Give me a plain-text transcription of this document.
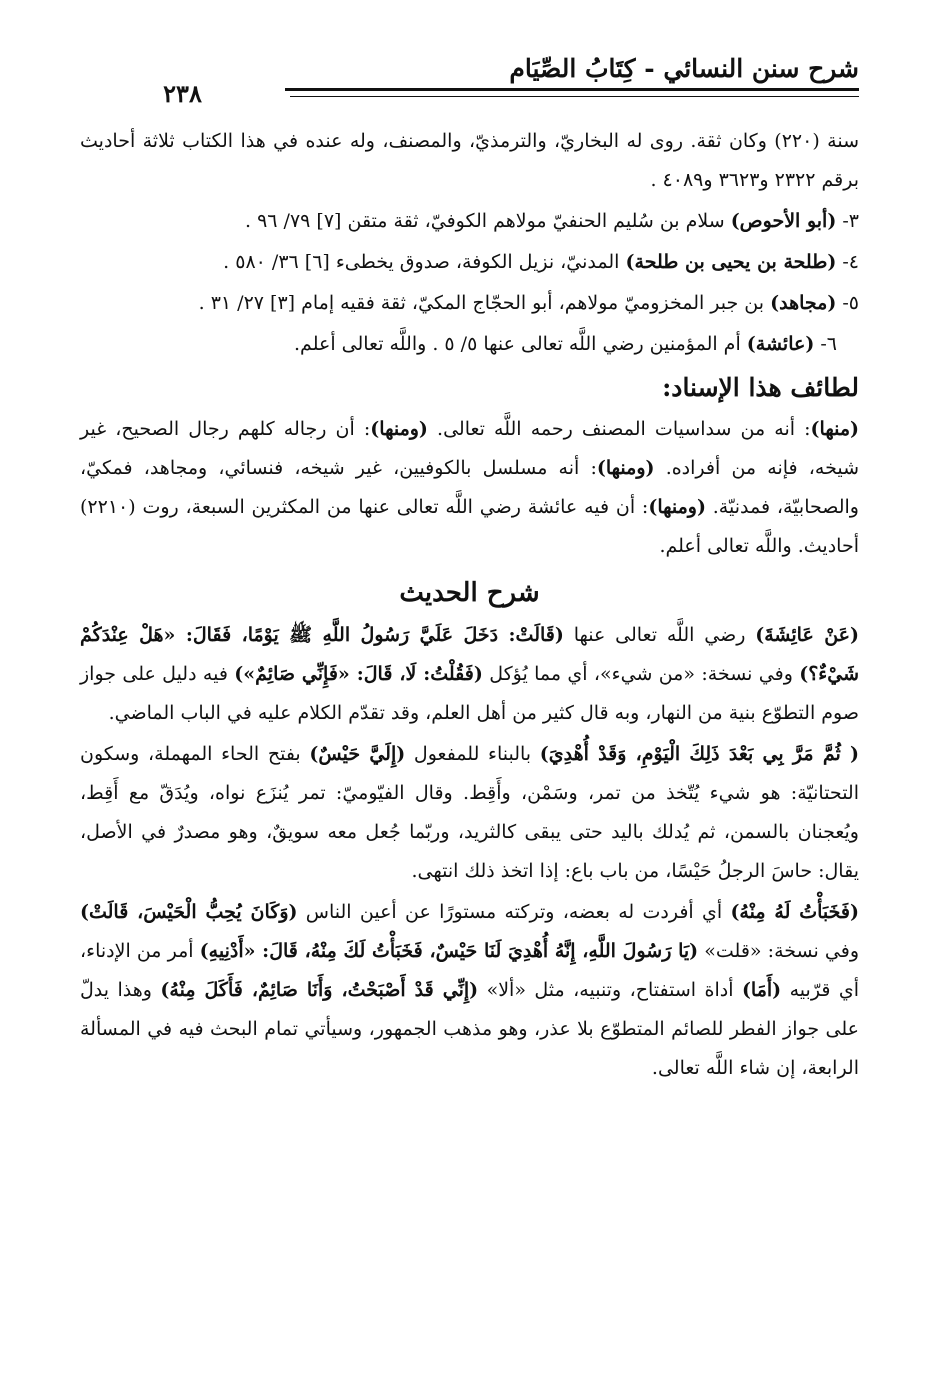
شرح سنن النسائي - كِتَابُ الصِّيَام
٢٣٨

سنة (٢٢٠) وكان ثقة. روى له البخاريّ، والترمذيّ، والمصنف، وله عنده في هذا الكتاب ثلاثة أحاديث برقم ٢٣٢٢ و٣٦٢٣ و٤٠٨٩ .

٣- (أبو الأحوص) سلام بن سُليم الحنفيّ مولاهم الكوفيّ، ثقة متقن [٧] ٧٩/ ٩٦ .

٤- (طلحة بن يحيى بن طلحة) المدنيّ، نزيل الكوفة، صدوق يخطىء [٦] ٣٦/ ٥٨٠ .

٥- (مجاهد) بن جبر المخزوميّ مولاهم، أبو الحجّاج المكيّ، ثقة فقيه إمام [٣] ٢٧/ ٣١ .

٦- (عائشة) أم المؤمنين رضي اللَّه تعالى عنها ٥/ ٥ . واللَّه تعالى أعلم.

لطائف هذا الإسناد:

(منها): أنه من سداسيات المصنف رحمه اللَّه تعالى. (ومنها): أن رجاله كلهم رجال الصحيح، غير شيخه، فإنه من أفراده. (ومنها): أنه مسلسل بالكوفيين، غير شيخه، فنسائي، ومجاهد، فمكيّ، والصحابيّة، فمدنيّة. (ومنها): أن فيه عائشة رضي اللَّه تعالى عنها من المكثرين السبعة، روت (٢٢١٠) أحاديث. واللَّه تعالى أعلم.

شرح الحديث

(عَنْ عَائِشَةَ) رضي اللَّه تعالى عنها (قَالَتْ: دَخَلَ عَلَيَّ رَسُولُ اللَّهِ ﷺ يَوْمًا، فَقَالَ: «هَلْ عِنْدَكُمْ شَيْءٌ؟) وفي نسخة: «من شيء»، أي مما يُؤكل (فَقُلْتُ: لَا، قَالَ: «فَإِنِّي صَائِمٌ») فيه دليل على جواز صوم التطوّع بنية من النهار، وبه قال كثير من أهل العلم، وقد تقدّم الكلام عليه في الباب الماضي.

( ثُمَّ مَرَّ بِي بَعْدَ ذَلِكَ الْيَوْمِ، وَقَدْ أُهْدِيَ) بالبناء للمفعول (إِلَيَّ حَيْسٌ) بفتح الحاء المهملة، وسكون التحتانيّة: هو شيء يُتّخذ من تمر، وسَمْن، وأَقِط. وقال الفيّوميّ: تمر يُنزَع نواه، ويُدَقّ مع أَقِط، ويُعجنان بالسمن، ثم يُدلك باليد حتى يبقى كالثريد، وربّما جُعل معه سويقٌ، وهو مصدرٌ في الأصل، يقال: حاسَ الرجلُ حَيْسًا، من باب باع: إذا اتخذ ذلك انتهى.

(فَخَبَأْتُ لَهُ مِنْهُ) أي أفردت له بعضه، وتركته مستورًا عن أعين الناس (وَكَانَ يُحِبُّ الْحَيْسَ، قَالَتْ) وفي نسخة: «قلت» (يَا رَسُولَ اللَّهِ، إِنَّهُ أُهْدِيَ لَنَا حَيْسٌ، فَخَبَأْتُ لَكَ مِنْهُ، قَالَ: «أَدْنِيهِ) أمر من الإدناء، أي قرّبيه (أَمَا) أداة استفتاح، وتنبيه، مثل «ألا» (إِنِّي قَدْ أَصْبَحْتُ، وَأَنَا صَائِمٌ، فَأَكَلَ مِنْهُ) وهذا يدلّ على جواز الفطر للصائم المتطوّع بلا عذر، وهو مذهب الجمهور، وسيأتي تمام البحث فيه في المسألة الرابعة، إن شاء اللَّه تعالى.
